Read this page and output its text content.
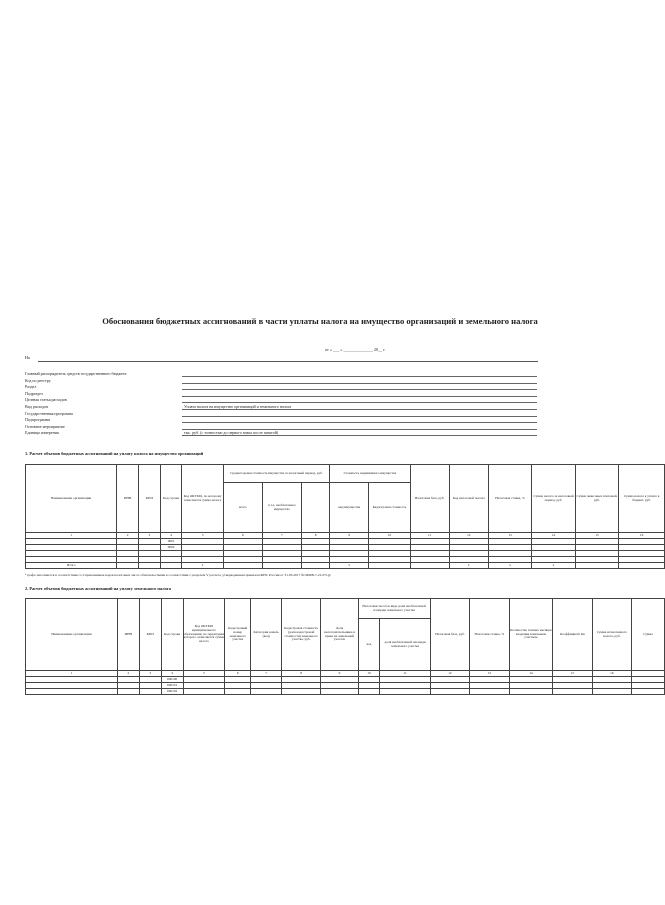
Обоснования бюджетных ассигнований в части уплаты налога на имущество организаций и земельного налога
от « ___ » ______________ 20__ г.
На
Главный распорядитель средств государственного бюджета
Код по реестру
Раздел
Подраздел
Целевая статья расходов
Вид расходов	Уплата налога на имущество организаций и земельного налога
Государственная программа
Подпрограмма
Основное мероприятие
Единица измерения	тыс. руб. (с точностью до первого знака после запятой)
1. Расчет объемов бюджетных ассигнований на уплату налога на имущество организаций
Наименование организации	ИНН	КПП	Код строки	Код ОКТМО, по которому зачисляется сумма налога	Среднегодовая стоимость имущества за налоговый период, руб.			Стоимость недвижимого имущества		Налоговая база, руб.	Код налоговой льготы	Налоговая ставка, %	Сумма налога за налоговый период, руб.	Сумма авансовых платежей, руб.	Сумма налога к уплате в бюджет, руб.
					всего	в т.ч. необлагаемое имущество		вид имущества	Кадастровая стоимость						
1	2	3	4	5	6	7	8	9	10	11	12	13	14	15	16
			0001												
			0002												

Итого				x				x			x	x	x		
¹ графа заполняется в соответствии со Справочником кодов налоговых льгот, обязательствами в соответствии с разделом V расчета, утвержденным приказом ФНС России от 31.03.2017 № ММВ-7-21/271@
2. Расчет объемов бюджетных ассигнований на уплату земельного налога
Наименование организации	ИНН	КПП	Код строки	Код ОКТМО муниципального образования, на территории которого зачисляется сумма налога	Кадастровый номер земельного участка	Категория земель (код)	Кадастровая стоимость (доля кадастровой стоимости) земельного участка, руб.	Доля налогоплательщика в праве на земельный участок	Налоговая льгота в виде доли необлагаемой площади земельного участка		Налоговая база, руб.	Налоговая ставка, %	Количество полных месяцев владения земельным участком	Коэффициент Кв	Сумма исчисленного налога, руб.	Сумма
									код	доля необлагаемой площади земельного участка						
1	2	3	4	5	6	7	8	9	10	11	12	13	14	15	16	
			000100													
			000101													
			000102													
